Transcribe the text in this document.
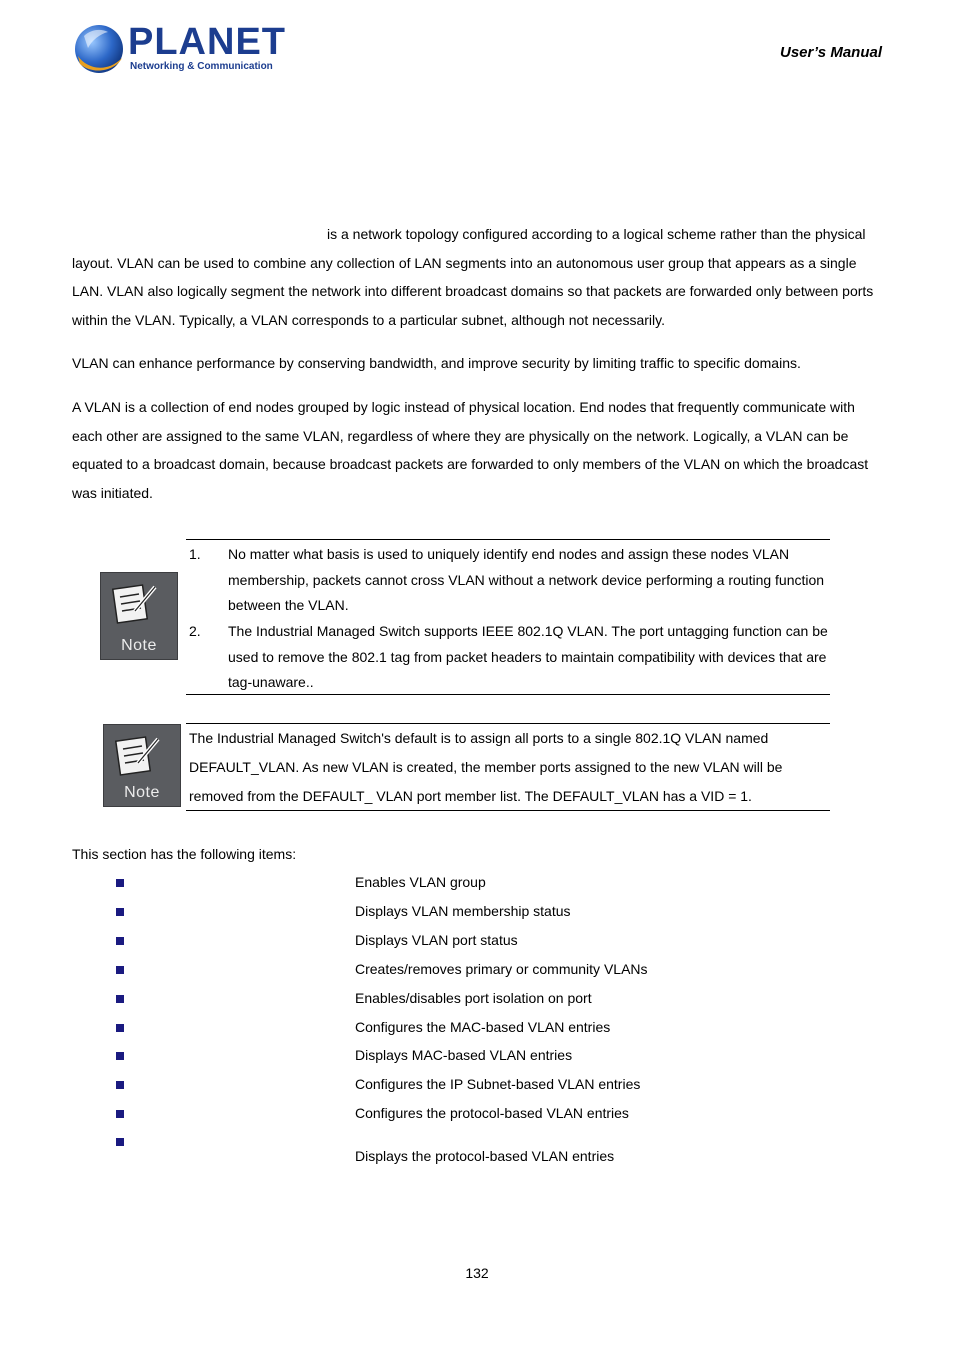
PLANET
Networking & Communication
User’s Manual
is a network topology configured according to a logical scheme rather than the physical layout. VLAN can be used to combine any collection of LAN segments into an autonomous user group that appears as a single LAN. VLAN also logically segment the network into different broadcast domains so that packets are forwarded only between ports within the VLAN. Typically, a VLAN corresponds to a particular subnet, although not necessarily.
VLAN can enhance performance by conserving bandwidth, and improve security by limiting traffic to specific domains.
A VLAN is a collection of end nodes grouped by logic instead of physical location. End nodes that frequently communicate with each other are assigned to the same VLAN, regardless of where they are physically on the network. Logically, a VLAN can be equated to a broadcast domain, because broadcast packets are forwarded to only members of the VLAN on which the broadcast was initiated.
Note
1. No matter what basis is used to uniquely identify end nodes and assign these nodes VLAN membership, packets cannot cross VLAN without a network device performing a routing function between the VLAN.
2. The Industrial Managed Switch supports IEEE 802.1Q VLAN. The port untagging function can be used to remove the 802.1 tag from packet headers to maintain compatibility with devices that are tag-unaware..
Note
The Industrial Managed Switch's default is to assign all ports to a single 802.1Q VLAN named DEFAULT_VLAN. As new VLAN is created, the member ports assigned to the new VLAN will be removed from the DEFAULT_ VLAN port member list. The DEFAULT_VLAN has a VID = 1.
This section has the following items:
Enables VLAN group
Displays VLAN membership status
Displays VLAN port status
Creates/removes primary or community VLANs
Enables/disables port isolation on port
Configures the MAC-based VLAN entries
Displays MAC-based VLAN entries
Configures the IP Subnet-based VLAN entries
Configures the protocol-based VLAN entries
Displays the protocol-based VLAN entries
132
